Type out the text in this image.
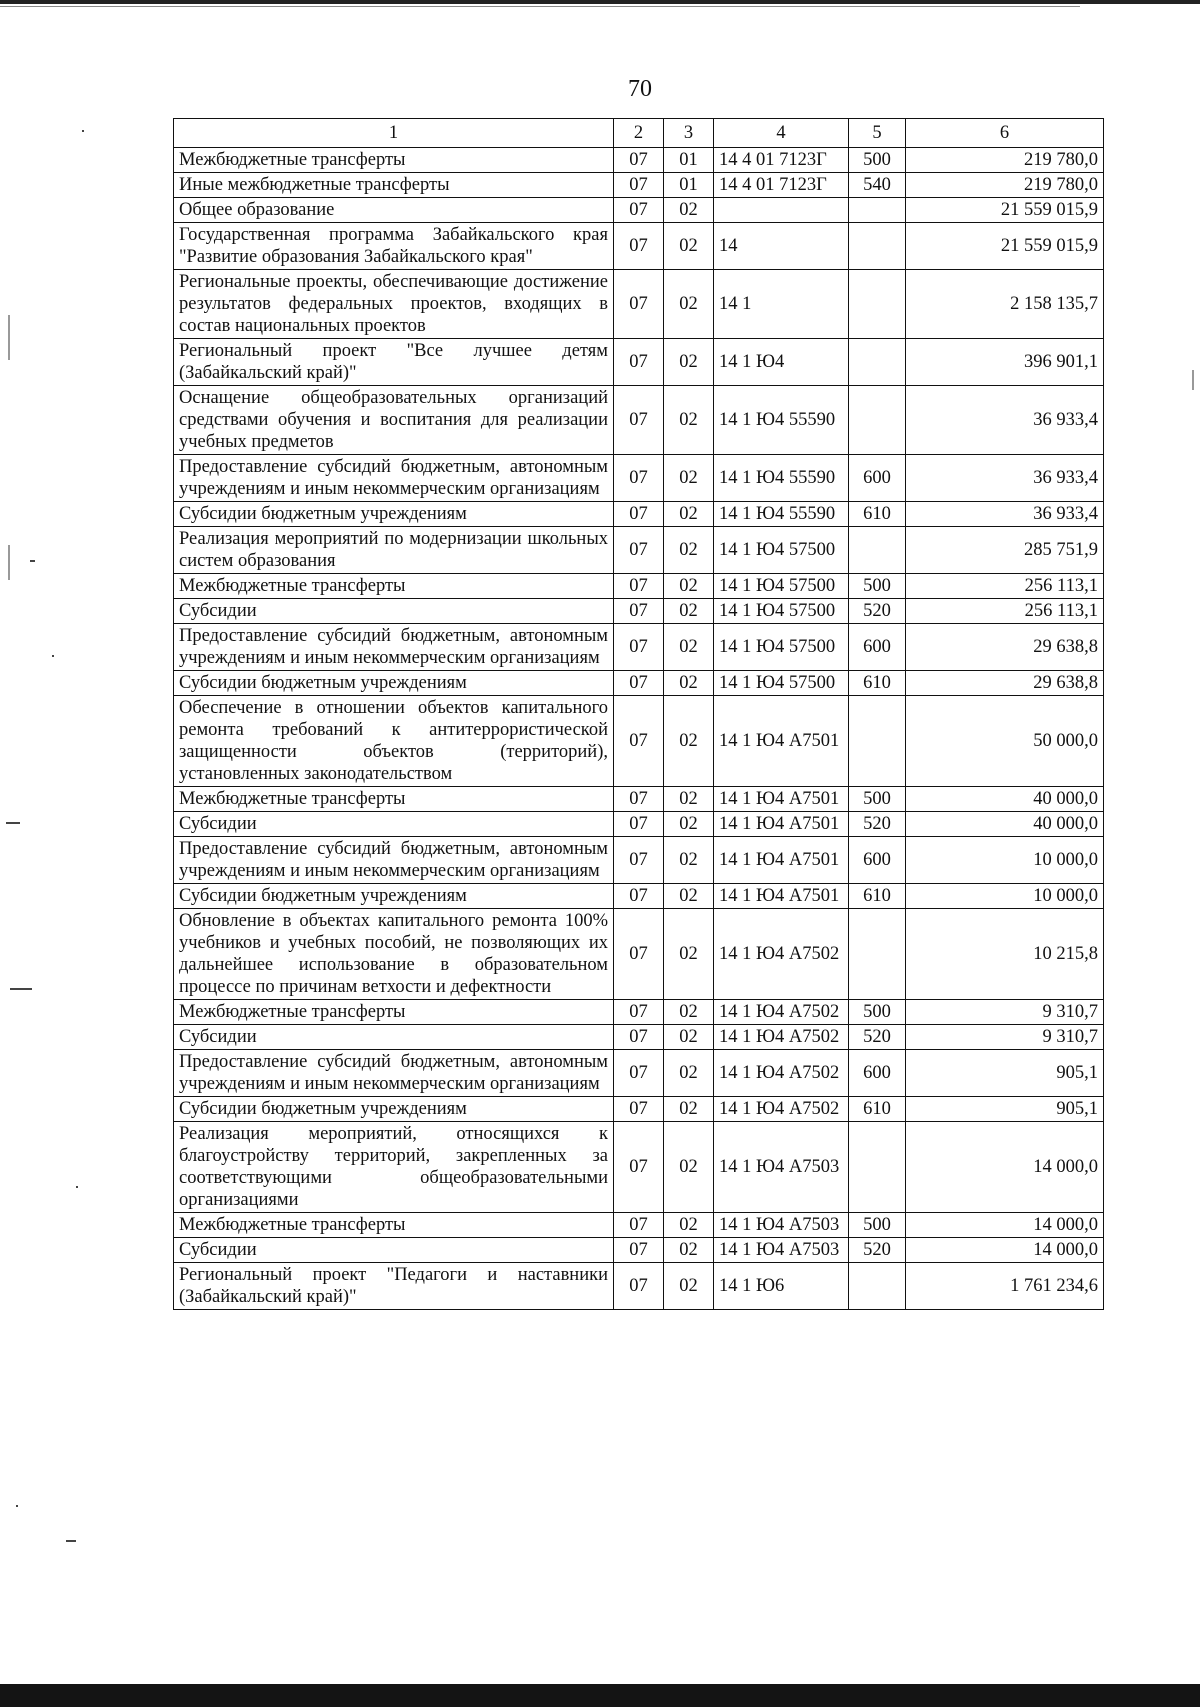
70
1	2	3	4	5	6
Межбюджетные трансферты	07	01	14 4 01 7123Г	500	219 780,0
Иные межбюджетные трансферты	07	01	14 4 01 7123Г	540	219 780,0
Общее образование	07	02			21 559 015,9
Государственная программа Забайкальского края "Развитие образования Забайкальского края"	07	02	14		21 559 015,9
Региональные проекты, обеспечивающие достижение результатов федеральных проектов, входящих в состав национальных проектов	07	02	14 1		2 158 135,7
Региональный проект "Все лучшее детям (Забайкальский край)"	07	02	14 1 Ю4		396 901,1
Оснащение общеобразовательных организаций средствами обучения и воспитания для реализации учебных предметов	07	02	14 1 Ю4 55590		36 933,4
Предоставление субсидий бюджетным, автономным учреждениям и иным некоммерческим организациям	07	02	14 1 Ю4 55590	600	36 933,4
Субсидии бюджетным учреждениям	07	02	14 1 Ю4 55590	610	36 933,4
Реализация мероприятий по модернизации школьных систем образования	07	02	14 1 Ю4 57500		285 751,9
Межбюджетные трансферты	07	02	14 1 Ю4 57500	500	256 113,1
Субсидии	07	02	14 1 Ю4 57500	520	256 113,1
Предоставление субсидий бюджетным, автономным учреждениям и иным некоммерческим организациям	07	02	14 1 Ю4 57500	600	29 638,8
Субсидии бюджетным учреждениям	07	02	14 1 Ю4 57500	610	29 638,8
Обеспечение в отношении объектов капитального ремонта требований к антитеррористической защищенности объектов (территорий), установленных законодательством	07	02	14 1 Ю4 А7501		50 000,0
Межбюджетные трансферты	07	02	14 1 Ю4 А7501	500	40 000,0
Субсидии	07	02	14 1 Ю4 А7501	520	40 000,0
Предоставление субсидий бюджетным, автономным учреждениям и иным некоммерческим организациям	07	02	14 1 Ю4 А7501	600	10 000,0
Субсидии бюджетным учреждениям	07	02	14 1 Ю4 А7501	610	10 000,0
Обновление в объектах капитального ремонта 100% учебников и учебных пособий, не позволяющих их дальнейшее использование в образовательном процессе по причинам ветхости и дефектности	07	02	14 1 Ю4 А7502		10 215,8
Межбюджетные трансферты	07	02	14 1 Ю4 А7502	500	9 310,7
Субсидии	07	02	14 1 Ю4 А7502	520	9 310,7
Предоставление субсидий бюджетным, автономным учреждениям и иным некоммерческим организациям	07	02	14 1 Ю4 А7502	600	905,1
Субсидии бюджетным учреждениям	07	02	14 1 Ю4 А7502	610	905,1
Реализация мероприятий, относящихся к благоустройству территорий, закрепленных за соответствующими общеобразовательными организациями	07	02	14 1 Ю4 А7503		14 000,0
Межбюджетные трансферты	07	02	14 1 Ю4 А7503	500	14 000,0
Субсидии	07	02	14 1 Ю4 А7503	520	14 000,0
Региональный проект "Педагоги и наставники (Забайкальский край)"	07	02	14 1 Ю6		1 761 234,6
